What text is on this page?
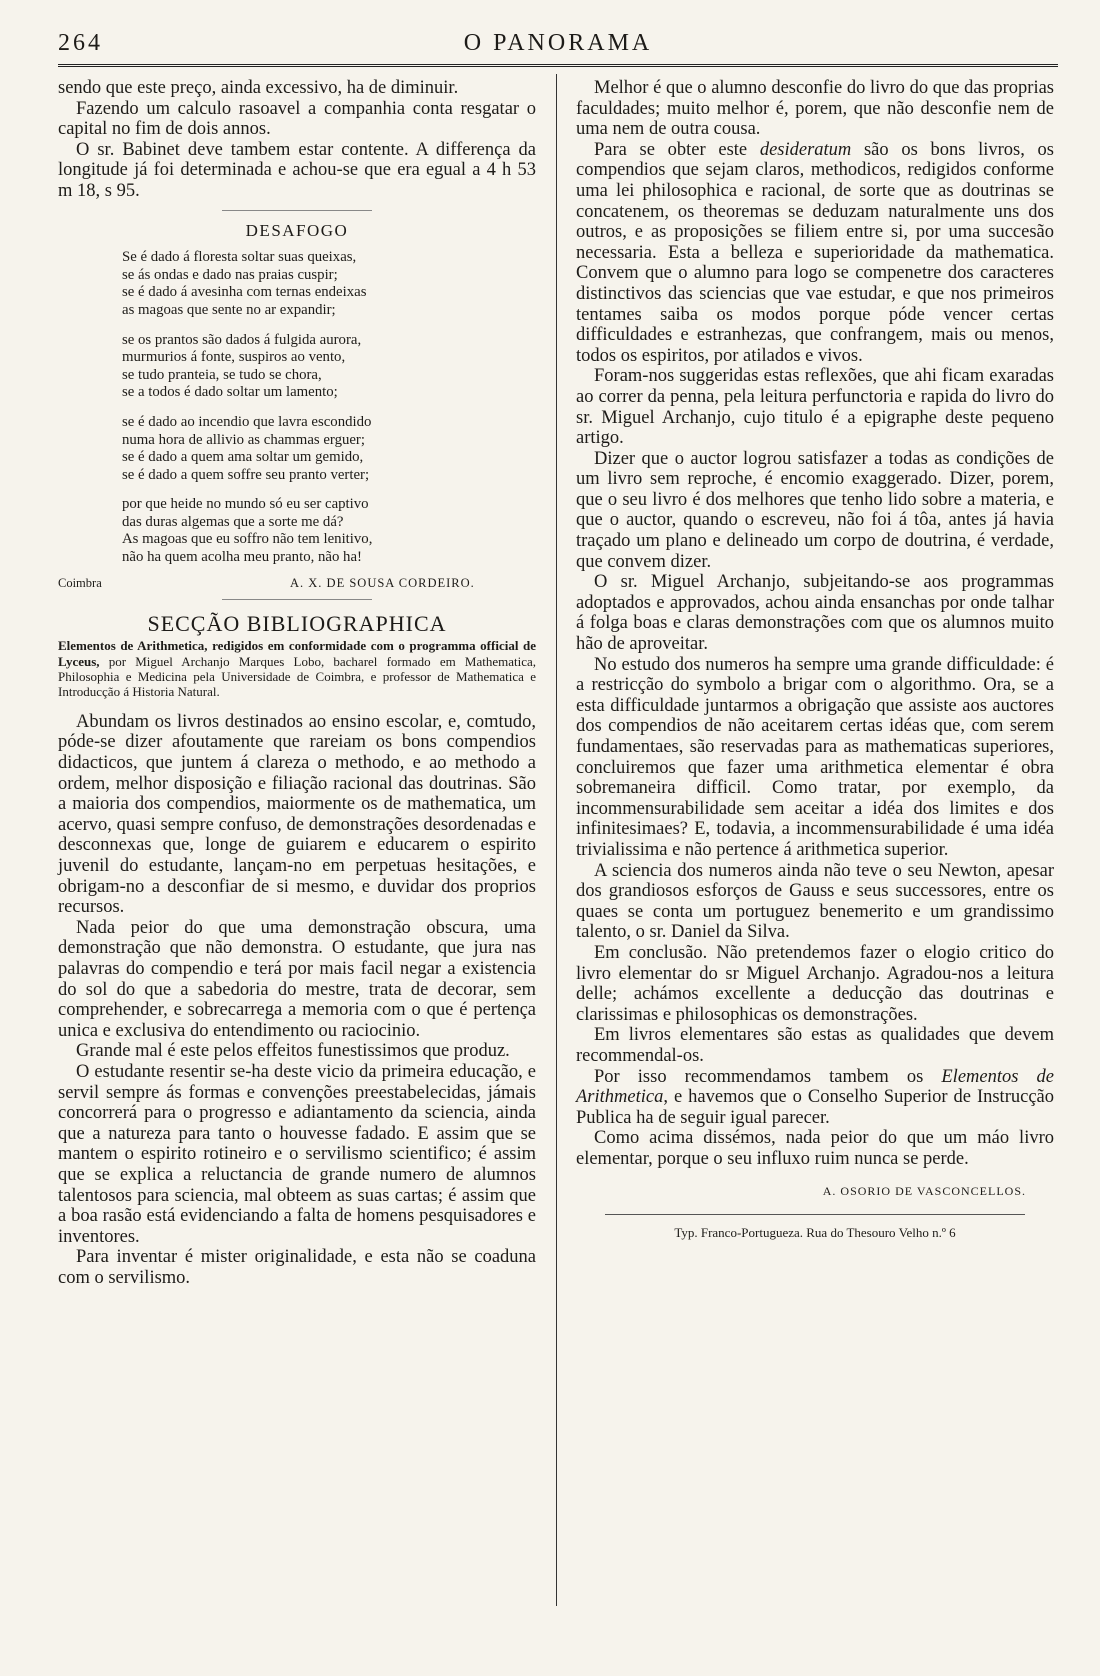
264	O PANORAMA

sendo que este preço, ainda excessivo, ha de diminuir.

Fazendo um calculo rasoavel a companhia conta resgatar o capital no fim de dois annos.

O sr. Babinet deve tambem estar contente. A differença da longitude já foi determinada e achou-se que era egual a 4 h 53 m 18, s 95.

DESAFOGO
Se é dado á floresta soltar suas queixas,
se ás ondas e dado nas praias cuspir;
se é dado á avesinha com ternas endeixas
as magoas que sente no ar expandir;
se os prantos são dados á fulgida aurora,
murmurios á fonte, suspiros ao vento,
se tudo pranteia, se tudo se chora,
se a todos é dado soltar um lamento;
se é dado ao incendio que lavra escondido
numa hora de allivio as chammas erguer;
se é dado a quem ama soltar um gemido,
se é dado a quem soffre seu pranto verter;
por que heide no mundo só eu ser captivo
das duras algemas que a sorte me dá?
As magoas que eu soffro não tem lenitivo,
não ha quem acolha meu pranto, não ha!
Coimbra	A. X. DE SOUSA CORDEIRO.
SECÇÃO BIBLIOGRAPHICA
Elementos de Arithmetica, redigidos em conformidade com o programma official de Lyceus, por Miguel Archanjo Marques Lobo, bacharel formado em Mathematica, Philosophia e Medicina pela Universidade de Coimbra, e professor de Mathematica e Introducção á Historia Natural.

Abundam os livros destinados ao ensino escolar, e, comtudo, póde-se dizer afoutamente que rareiam os bons compendios didacticos, que juntem á clareza o methodo, e ao methodo a ordem, melhor disposição e filiação racional das doutrinas. São a maioria dos compendios, maiormente os de mathematica, um acervo, quasi sempre confuso, de demonstrações desordenadas e desconnexas que, longe de guiarem e educarem o espirito juvenil do estudante, lançam-no em perpetuas hesitações, e obrigam-no a desconfiar de si mesmo, e duvidar dos proprios recursos.

Nada peior do que uma demonstração obscura, uma demonstração que não demonstra. O estudante, que jura nas palavras do compendio e terá por mais facil negar a existencia do sol do que a sabedoria do mestre, trata de decorar, sem comprehender, e sobrecarrega a memoria com o que é pertença unica e exclusiva do entendimento ou raciocinio.

Grande mal é este pelos effeitos funestissimos que produz.

O estudante resentir se-ha deste vicio da primeira educação, e servil sempre ás formas e convenções preestabelecidas, jámais concorrerá para o progresso e adiantamento da sciencia, ainda que a natureza para tanto o houvesse fadado. E assim que se mantem o espirito rotineiro e o servilismo scientifico; é assim que se explica a reluctancia de grande numero de alumnos talentosos para sciencia, mal obteem as suas cartas; é assim que a boa rasão está evidenciando a falta de homens pesquisadores e inventores.

Para inventar é mister originalidade, e esta não se coaduna com o servilismo.

Melhor é que o alumno desconfie do livro do que das proprias faculdades; muito melhor é, porem, que não desconfie nem de uma nem de outra cousa.

Para se obter este desideratum são os bons livros, os compendios que sejam claros, methodicos, redigidos conforme uma lei philosophica e racional, de sorte que as doutrinas se concatenem, os theoremas se deduzam naturalmente uns dos outros, e as proposições se filiem entre si, por uma succesão necessaria. Esta a belleza e superioridade da mathematica. Convem que o alumno para logo se compenetre dos caracteres distinctivos das sciencias que vae estudar, e que nos primeiros tentames saiba os modos porque póde vencer certas difficuldades e estranhezas, que confrangem, mais ou menos, todos os espiritos, por atilados e vivos.

Foram-nos suggeridas estas reflexões, que ahi ficam exaradas ao correr da penna, pela leitura perfunctoria e rapida do livro do sr. Miguel Archanjo, cujo titulo é a epigraphe deste pequeno artigo.

Dizer que o auctor logrou satisfazer a todas as condições de um livro sem reproche, é encomio exaggerado. Dizer, porem, que o seu livro é dos melhores que tenho lido sobre a materia, e que o auctor, quando o escreveu, não foi á tôa, antes já havia traçado um plano e delineado um corpo de doutrina, é verdade, que convem dizer.

O sr. Miguel Archanjo, subjeitando-se aos programmas adoptados e approvados, achou ainda ensanchas por onde talhar á folga boas e claras demonstrações com que os alumnos muito hão de aproveitar.

No estudo dos numeros ha sempre uma grande difficuldade: é a restricção do symbolo a brigar com o algorithmo. Ora, se a esta difficuldade juntarmos a obrigação que assiste aos auctores dos compendios de não aceitarem certas idéas que, com serem fundamentaes, são reservadas para as mathematicas superiores, concluiremos que fazer uma arithmetica elementar é obra sobremaneira difficil. Como tratar, por exemplo, da incommensurabilidade sem aceitar a idéa dos limites e dos infinitesimaes? E, todavia, a incommensurabilidade é uma idéa trivialissima e não pertence á arithmetica superior.

A sciencia dos numeros ainda não teve o seu Newton, apesar dos grandiosos esforços de Gauss e seus successores, entre os quaes se conta um portuguez benemerito e um grandissimo talento, o sr. Daniel da Silva.

Em conclusão. Não pretendemos fazer o elogio critico do livro elementar do sr Miguel Archanjo. Agradou-nos a leitura delle; achámos excellente a deducção das doutrinas e clarissimas e philosophicas os demonstrações.

Em livros elementares são estas as qualidades que devem recommendal-os.

Por isso recommendamos tambem os Elementos de Arithmetica, e havemos que o Conselho Superior de Instrucção Publica ha de seguir igual parecer.

Como acima dissémos, nada peior do que um máo livro elementar, porque o seu influxo ruim nunca se perde.

A. OSORIO DE VASCONCELLOS.
Typ. Franco-Portugueza. Rua do Thesouro Velho n.º 6
